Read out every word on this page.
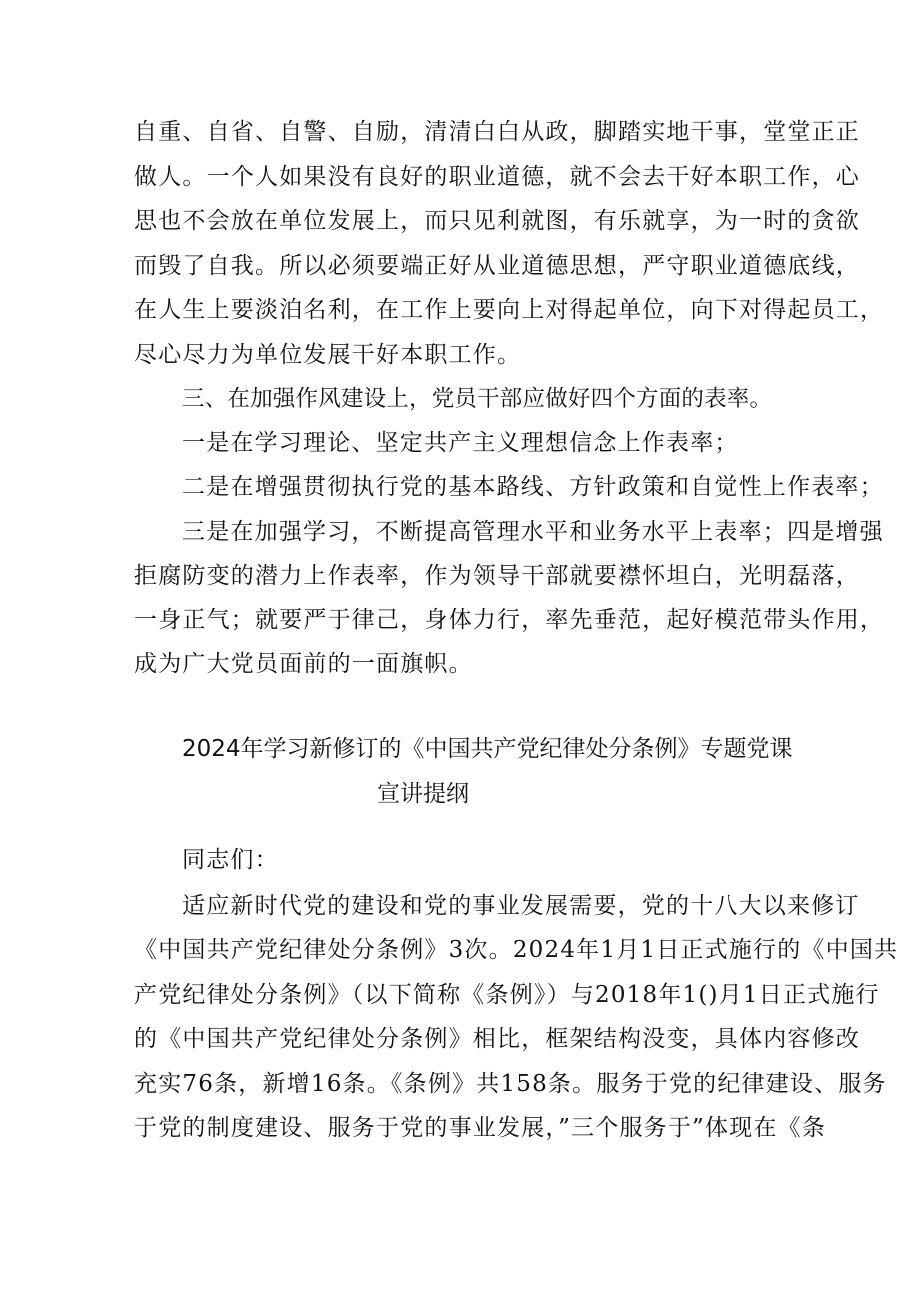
自重、自省、自警、自励，清清白白从政，脚踏实地干事，堂堂正正
做人。一个人如果没有良好的职业道德，就不会去干好本职工作，心
思也不会放在单位发展上，而只见利就图，有乐就享，为一时的贪欲
而毁了自我。所以必须要端正好从业道德思想，严守职业道德底线，
在人生上要淡泊名利，在工作上要向上对得起单位，向下对得起员工，
尽心尽力为单位发展干好本职工作。
三、在加强作风建设上，党员干部应做好四个方面的表率。
一是在学习理论、坚定共产主义理想信念上作表率；
二是在增强贯彻执行党的基本路线、方针政策和自觉性上作表率；
三是在加强学习，不断提高管理水平和业务水平上表率；四是增强
拒腐防变的潜力上作表率，作为领导干部就要襟怀坦白，光明磊落，
一身正气；就要严于律己，身体力行，率先垂范，起好模范带头作用，
成为广大党员面前的一面旗帜。
2024年学习新修订的《中国共产党纪律处分条例》专题党课
宣讲提纲
同志们：
适应新时代党的建设和党的事业发展需要，党的十八大以来修订
《中国共产党纪律处分条例》3次。2024年1月1日正式施行的《中国共
产党纪律处分条例》（以下简称《条例》）与2018年1()月1日正式施行
的《中国共产党纪律处分条例》相比，框架结构没变，具体内容修改
充实76条，新增16条。《条例》共158条。服务于党的纪律建设、服务
于党的制度建设、服务于党的事业发展，”三个服务于”体现在《条
